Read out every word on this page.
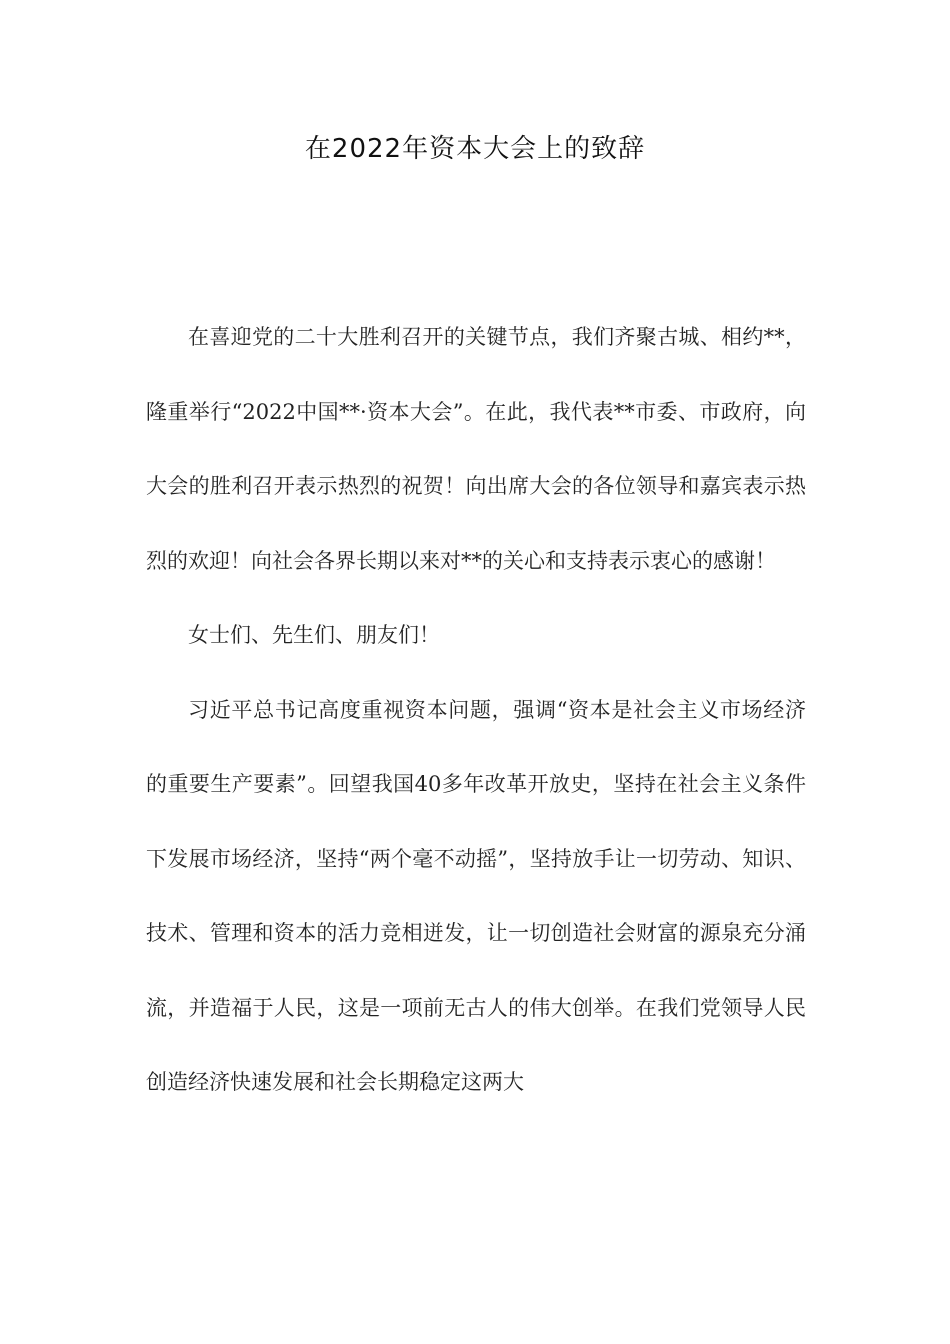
在2022年资本大会上的致辞

在喜迎党的二十大胜利召开的关键节点，我们齐聚古城、相约**，隆重举行“2022中国**·资本大会”。在此，我代表**市委、市政府，向大会的胜利召开表示热烈的祝贺！向出席大会的各位领导和嘉宾表示热烈的欢迎！向社会各界长期以来对**的关心和支持表示衷心的感谢！

女士们、先生们、朋友们！

习近平总书记高度重视资本问题，强调“资本是社会主义市场经济的重要生产要素”。回望我国40多年改革开放史，坚持在社会主义条件下发展市场经济，坚持“两个毫不动摇”，坚持放手让一切劳动、知识、技术、管理和资本的活力竞相迸发，让一切创造社会财富的源泉充分涌流，并造福于人民，这是一项前无古人的伟大创举。在我们党领导人民创造经济快速发展和社会长期稳定这两大
